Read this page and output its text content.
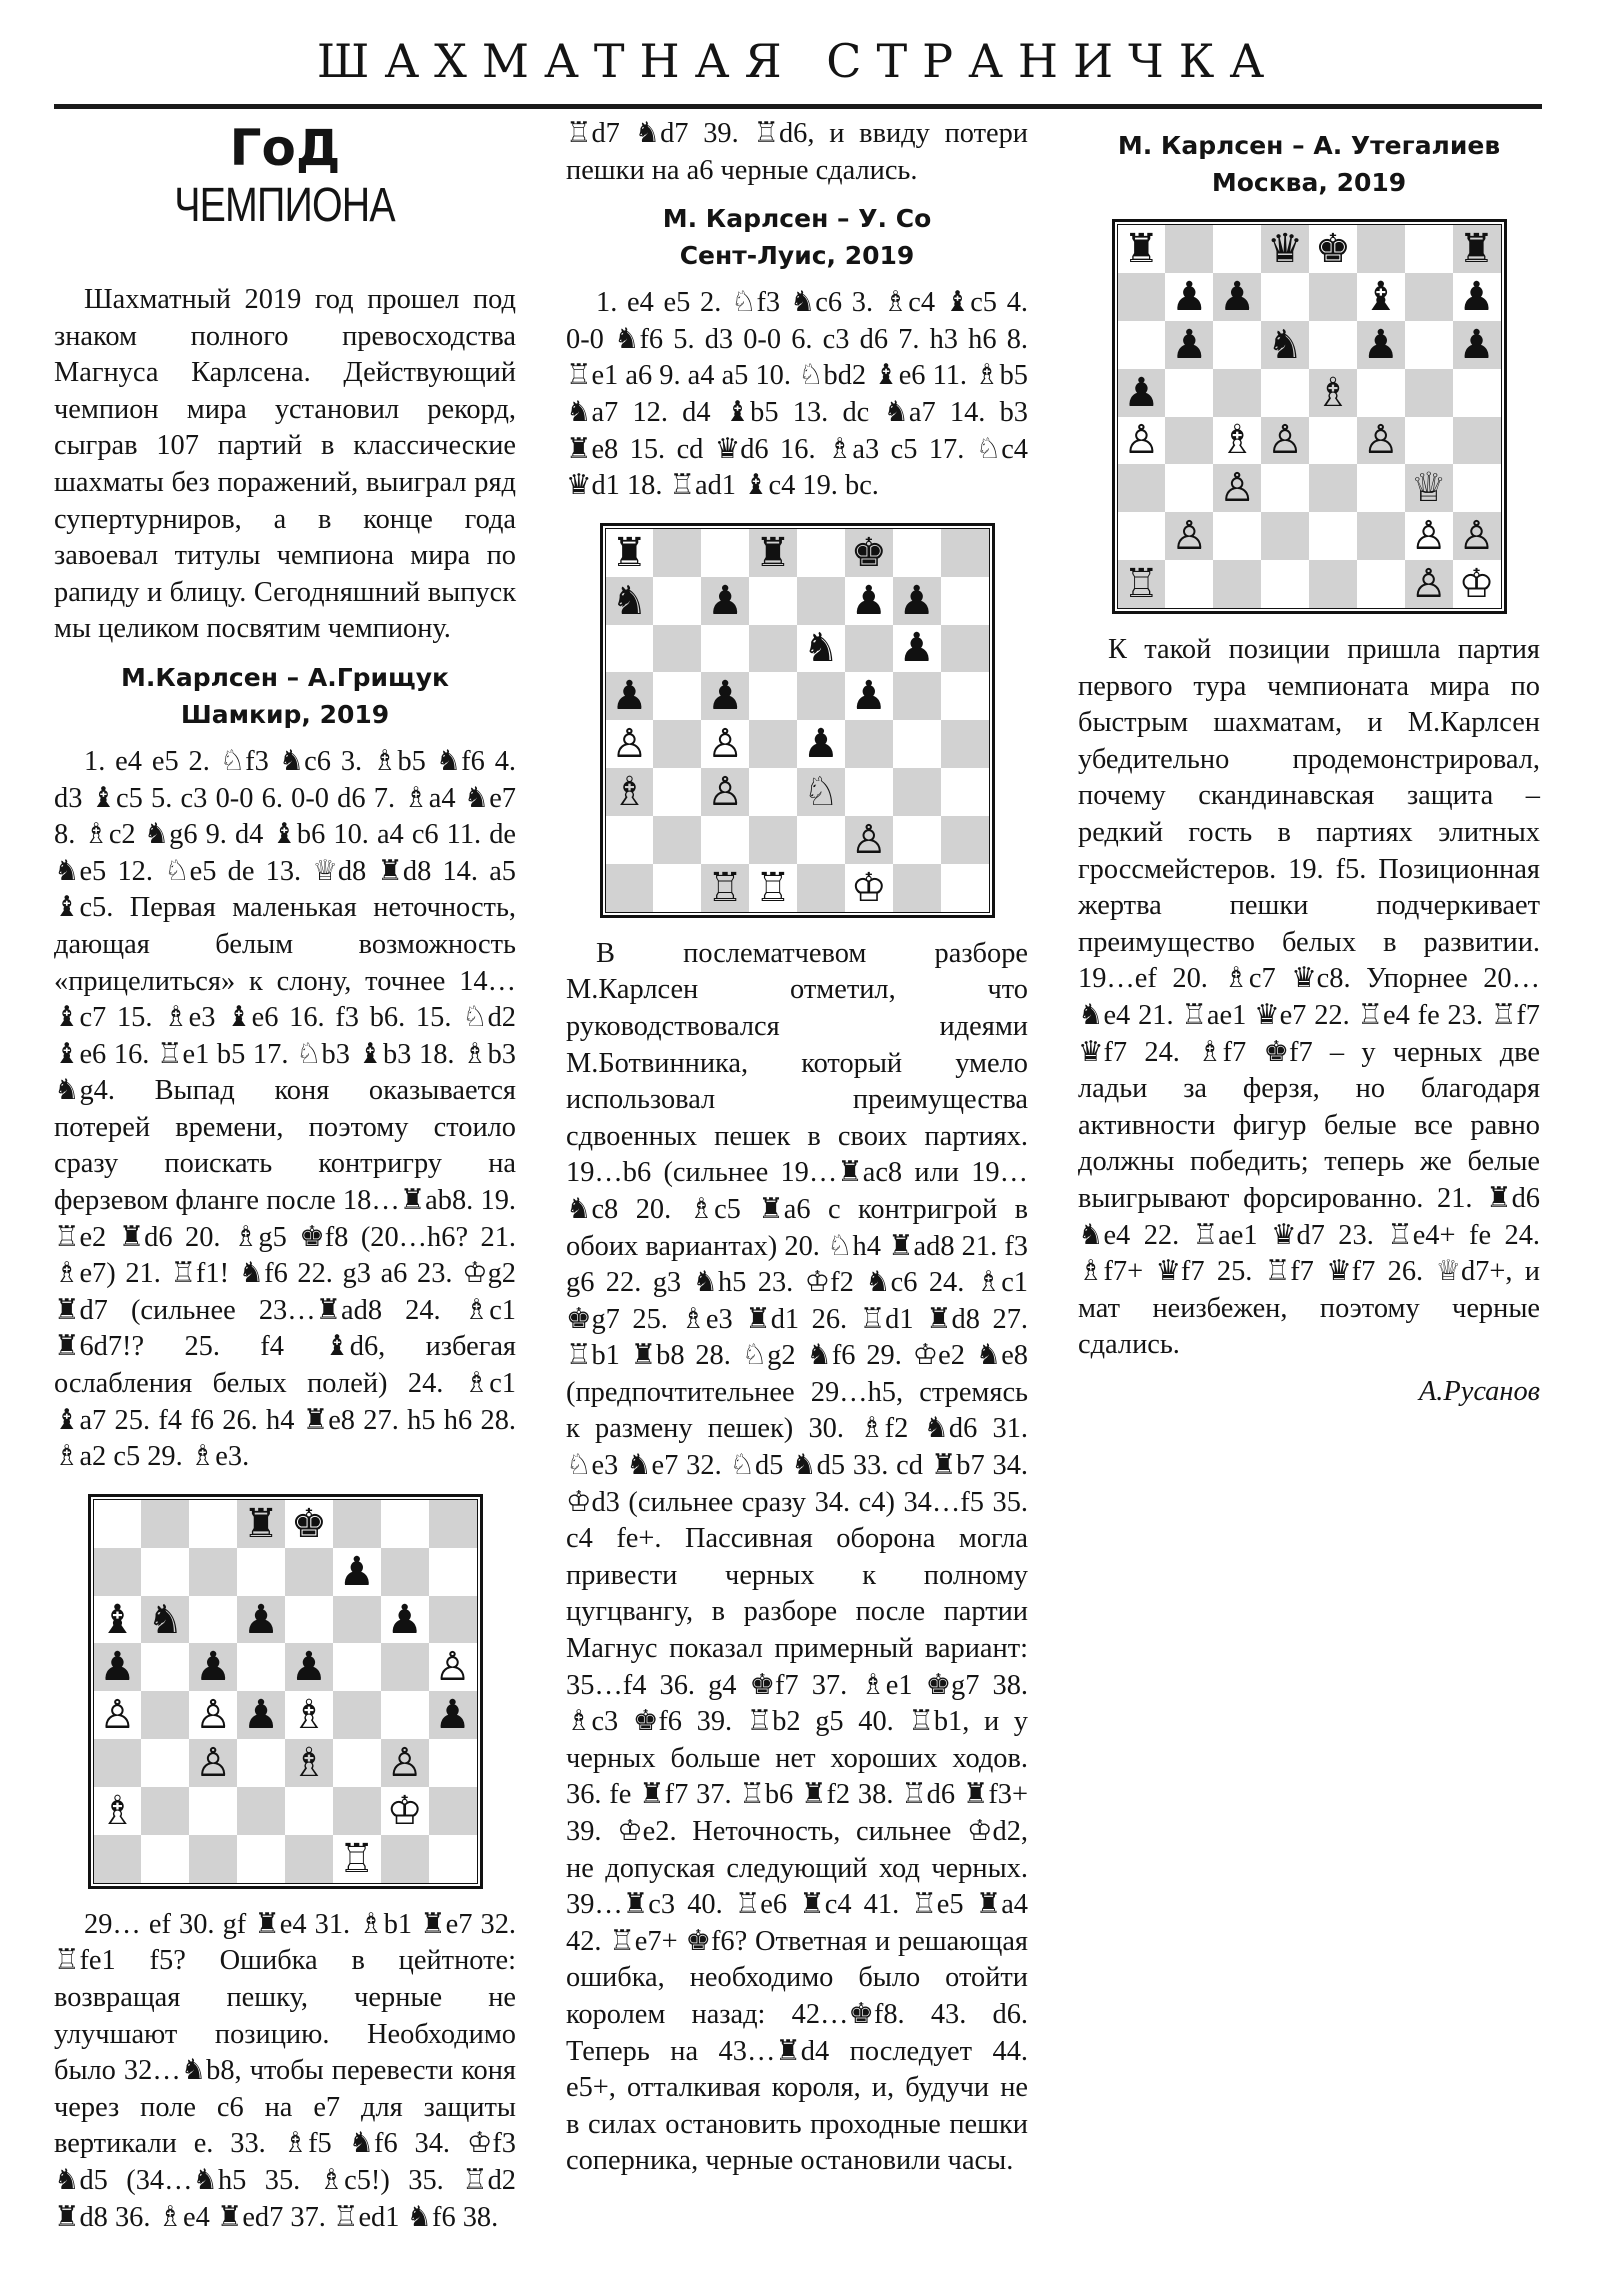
ШАХМАТНАЯ СТРАНИЧКА
ГоД
ЧЕМПИОНА

Шахматный 2019 год прошел под знаком полного превосходства Магнуса Карлсена. Действующий чемпион мира установил рекорд, сыграв 107 партий в классические шахматы без поражений, выиграл ряд супертурниров, а в конце года завоевал титулы чемпиона мира по рапиду и блицу. Сегодняшний выпуск мы целиком посвятим чемпиону.

М.Карлсен – А.Грищук
Шамкир, 2019

1. e4 e5 2. ♘f3 ♞c6 3. ♗b5 ♞f6 4. d3 ♝c5 5. c3 0-0 6. 0-0 d6 7. ♗a4 ♞e7 8. ♗c2 ♞g6 9. d4 ♝b6 10. a4 c6 11. de ♞e5 12. ♘e5 de 13. ♕d8 ♜d8 14. a5 ♝c5. Первая маленькая неточность, дающая белым возможность «прицелиться» к слону, точнее 14…♝c7 15. ♗e3 ♝e6 16. f3 b6. 15. ♘d2 ♝e6 16. ♖e1 b5 17. ♘b3 ♝b3 18. ♗b3 ♞g4. Выпад коня оказывается потерей времени, поэтому стоило сразу поискать контригру на ферзевом фланге после 18…♜ab8. 19. ♖e2 ♜d6 20. ♗g5 ♚f8 (20…h6? 21. ♗e7) 21. ♖f1! ♞f6 22. g3 a6 23. ♔g2 ♜d7 (сильнее 23…♜ad8 24. ♗c1 ♜6d7!? 25. f4 ♝d6, избегая ослабления белых полей) 24. ♗c1 ♝a7 25. f4 f6 26. h4 ♜e8 27. h5 h6 28. ♗a2 c5 29. ♗e3.

♜ ♚
♟
♝ ♞ ♟	♟
♟ ♟ ♟	♙
♙ ♙ ♟ ♗	♟
♙ ♗ ♙
♗	♔
♖

29… ef 30. gf ♜e4 31. ♗b1 ♜e7 32. ♖fe1 f5? Ошибка в цейтноте: возвращая пешку, черные не улучшают позицию. Необходимо было 32…♞b8, чтобы перевести коня через поле c6 на e7 для защиты вертикали e. 33. ♗f5 ♞f6 34. ♔f3 ♞d5 (34…♞h5 35. ♗c5!) 35. ♖d2 ♜d8 36. ♗e4 ♜ed7 37. ♖ed1 ♞f6 38.

♖d7 ♞d7 39. ♖d6, и ввиду потери пешки на a6 черные сдались.

М. Карлсен – У. Со
Сент-Луис, 2019

1. e4 e5 2. ♘f3 ♞c6 3. ♗c4 ♝c5 4. 0-0 ♞f6 5. d3 0-0 6. c3 d6 7. h3 h6 8. ♖e1 a6 9. a4 a5 10. ♘bd2 ♝e6 11. ♗b5 ♞a7 12. d4 ♝b5 13. dc ♞a7 14. b3 ♜e8 15. cd ♛d6 16. ♗a3 c5 17. ♘c4 ♛d1 18. ♖ad1 ♝c4 19. bc.

♜	♜ ♚
♞ ♟	♟ ♟
♞ ♟
♟ ♟	♟
♙ ♙ ♟
♗ ♙ ♘
♙
♖ ♖ ♔

В послематчевом разборе М.Карлсен отметил, что руководствовался идеями М.Ботвинника, который умело использовал преимущества сдвоенных пешек в своих партиях. 19…b6 (сильнее 19…♜ac8 или 19…♞c8 20. ♗c5 ♜a6 с контригрой в обоих вариантах) 20. ♘h4 ♜ad8 21. f3 g6 22. g3 ♞h5 23. ♔f2 ♞c6 24. ♗c1 ♚g7 25. ♗e3 ♜d1 26. ♖d1 ♜d8 27. ♖b1 ♜b8 28. ♘g2 ♞f6 29. ♔e2 ♞e8 (предпочтительнее 29…h5, стремясь к размену пешек) 30. ♗f2 ♞d6 31. ♘e3 ♞e7 32. ♘d5 ♞d5 33. cd ♜b7 34. ♔d3 (сильнее сразу 34. c4) 34…f5 35. c4 fe+. Пассивная оборона могла привести черных к полному цугцвангу, в разборе после партии Магнус показал примерный вариант: 35…f4 36. g4 ♚f7 37. ♗e1 ♚g7 38. ♗c3 ♚f6 39. ♖b2 g5 40. ♖b1, и у черных больше нет хороших ходов. 36. fe ♜f7 37. ♖b6 ♜f2 38. ♖d6 ♜f3+ 39. ♔e2. Неточность, сильнее ♔d2, не допуская следующий ход черных. 39…♜c3 40. ♖e6 ♜c4 41. ♖e5 ♜a4 42. ♖e7+ ♚f6? Ответная и решающая ошибка, необходимо было отойти королем назад: 42…♚f8. 43. d6. Теперь на 43…♜d4 последует 44. e5+, отталкивая короля, и, будучи не в силах остановить проходные пешки соперника, черные остановили часы.

М. Карлсен – А. Утегалиев
Москва, 2019
♜	♛ ♚	♜
♟ ♟	♝ ♟
♟ ♞ ♟ ♟
♟	♗
♙ ♗ ♙ ♙
♙	♕
♙	♙ ♙
♖	♙ ♔

К такой позиции пришла партия первого тура чемпионата мира по быстрым шахматам, и М.Карлсен убедительно продемонстрировал, почему скандинавская защита – редкий гость в партиях элитных гроссмейстеров. 19. f5. Позиционная жертва пешки подчеркивает преимущество белых в развитии. 19…ef 20. ♗c7 ♛c8. Упорнее 20…♞e4 21. ♖ae1 ♛e7 22. ♖e4 fe 23. ♖f7 ♛f7 24. ♗f7 ♚f7 – у черных две ладьи за ферзя, но благодаря активности фигур белые все равно должны победить; теперь же белые выигрывают форсированно. 21. ♜d6 ♞e4 22. ♖ae1 ♛d7 23. ♖e4+ fe 24. ♗f7+ ♛f7 25. ♖f7 ♛f7 26. ♕d7+, и мат неизбежен, поэтому черные сдались.

А.Русанов
